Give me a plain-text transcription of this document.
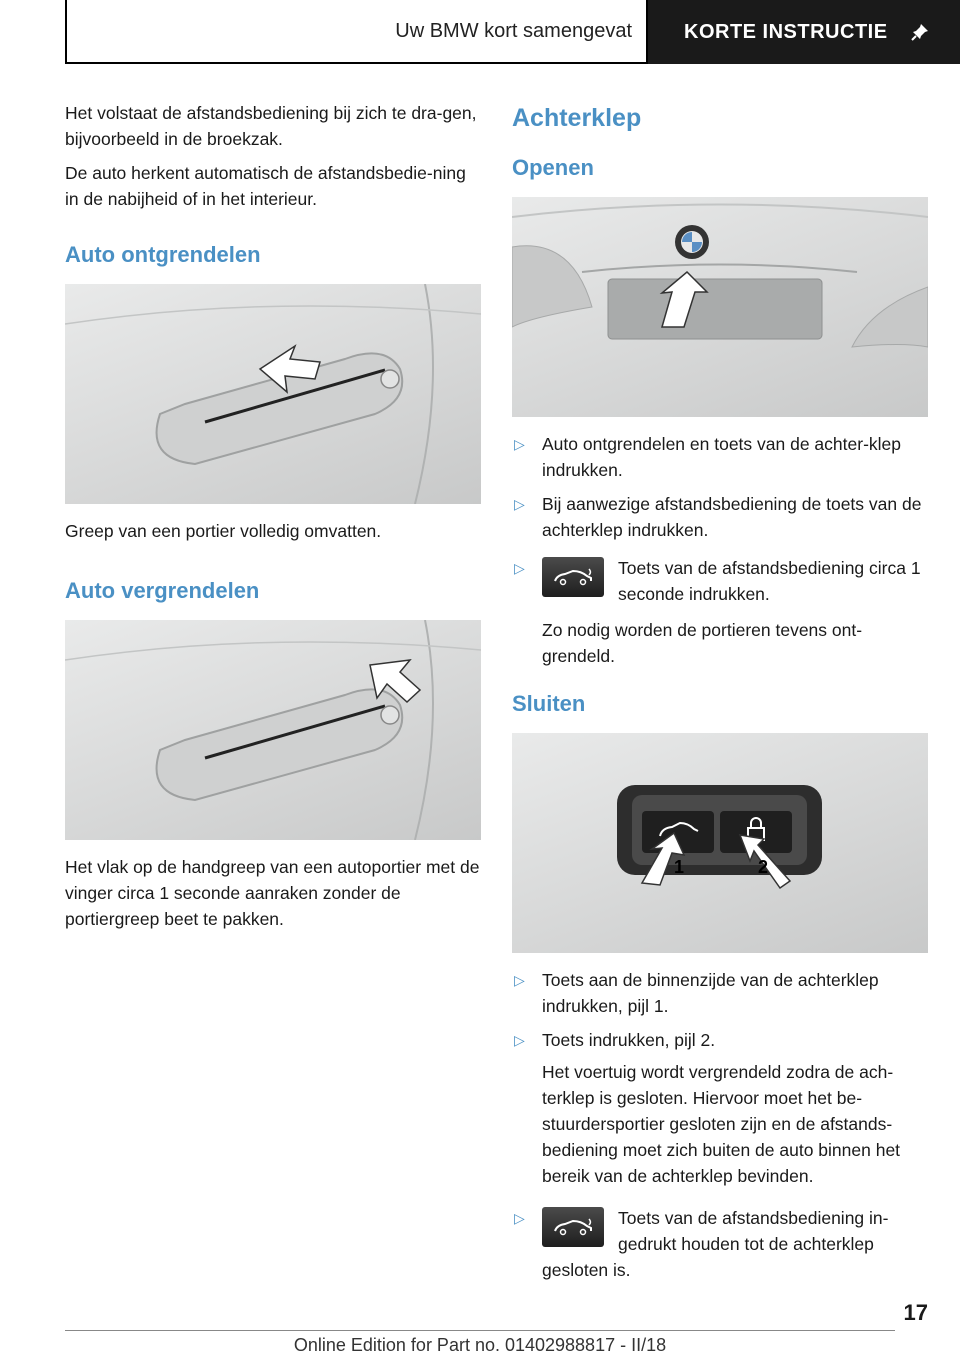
Uw BMW kort samengevat	KORTE INSTRUCTIE

Het volstaat de afstandsbediening bij zich te dra-gen, bijvoorbeeld in de broekzak.

De auto herkent automatisch de afstandsbedie-ning in de nabijheid of in het interieur.

Auto ontgrendelen

Greep van een portier volledig omvatten.

Auto vergrendelen

Het vlak op de handgreep van een autoportier met de vinger circa 1 seconde aanraken zonder de portiergreep beet te pakken.

Achterklep
Openen
▷ Auto ontgrendelen en toets van de achter-klep indrukken.
▷ Bij aanwezige afstandsbediening de toets van de achterklep indrukken.
▷	Toets van de afstandsbediening circa 1 seconde indrukken.
Zo nodig worden de portieren tevens ont-grendeld.
Sluiten
1	2
▷ Toets aan de binnenzijde van de achterklep indrukken, pijl 1.
▷ Toets indrukken, pijl 2.
Het voertuig wordt vergrendeld zodra de ach-terklep is gesloten. Hiervoor moet het be-stuurdersportier gesloten zijn en de afstands-bediening moet zich buiten de auto binnen het bereik van de achterklep bevinden.
▷	Toets van de afstandsbediening in-gedrukt houden tot de achterklep
gesloten is.
17
Online Edition for Part no. 01402988817 - II/18
